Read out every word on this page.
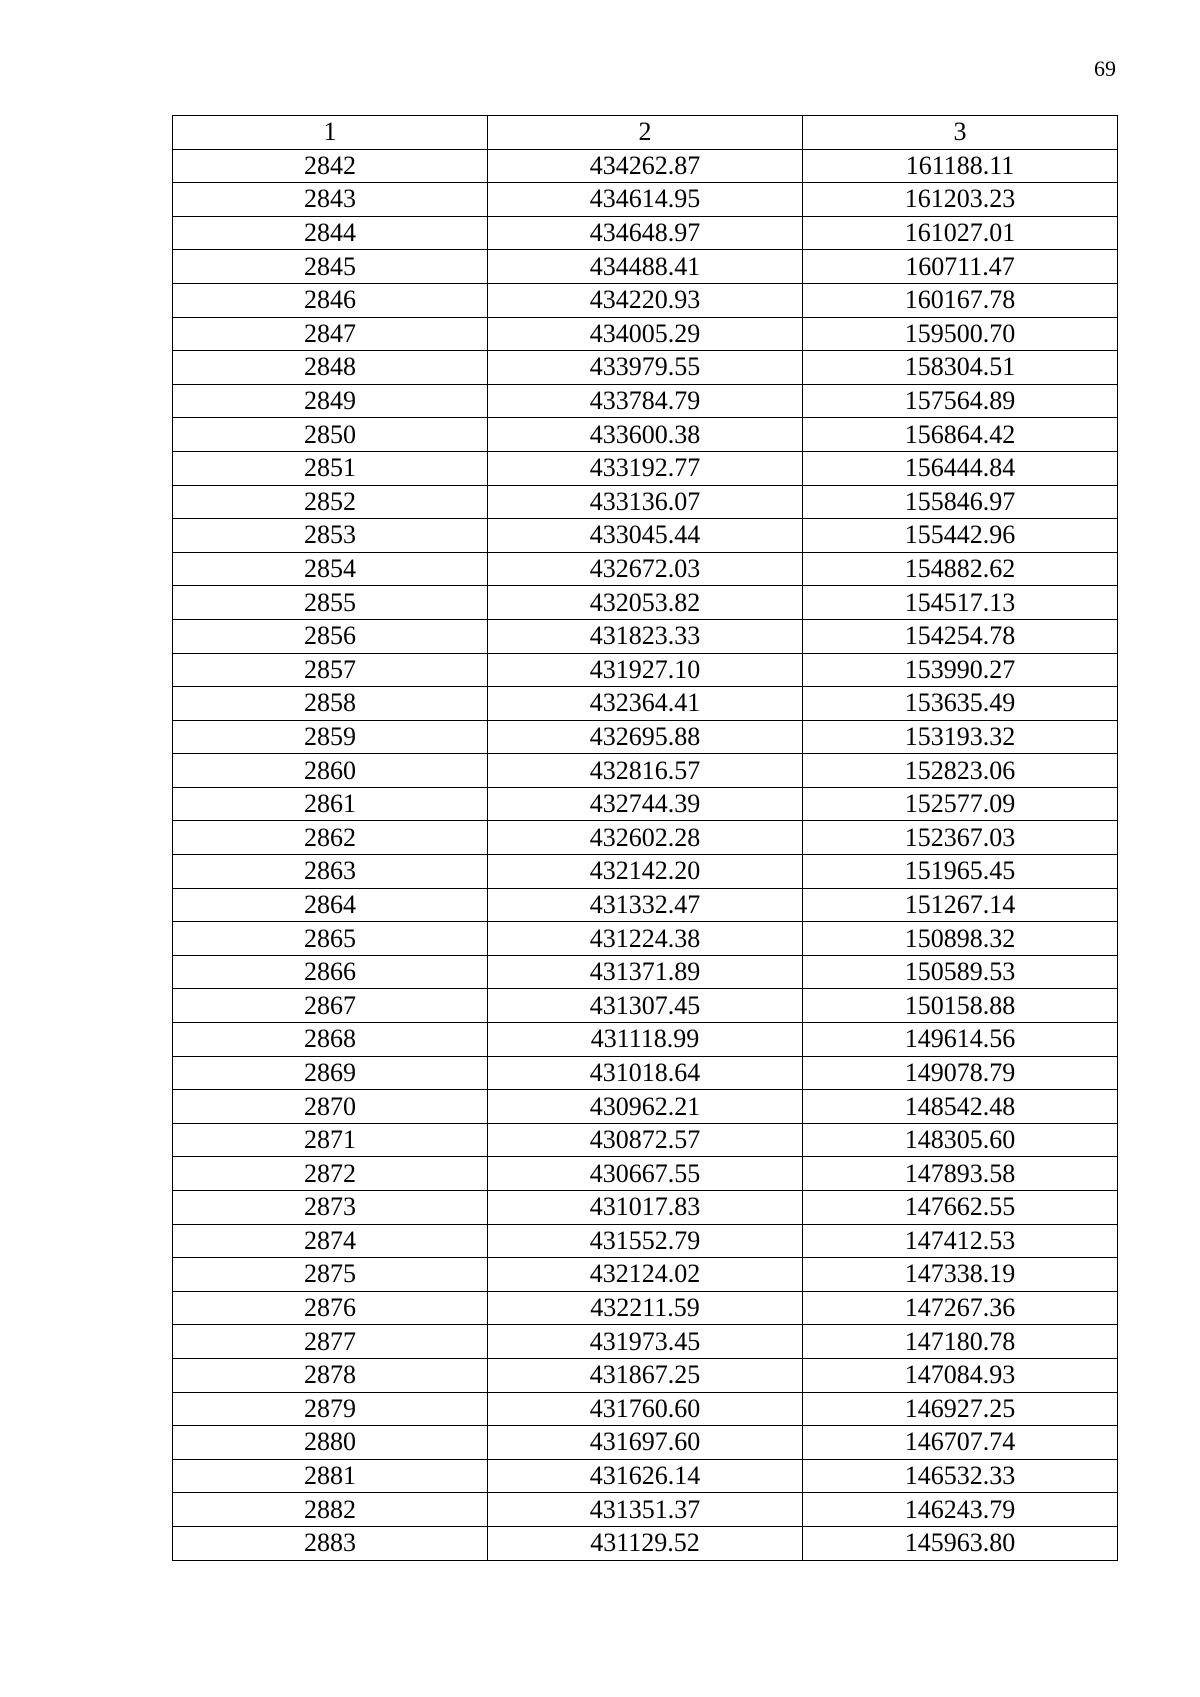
69
1	2	3
2842	434262.87	161188.11
2843	434614.95	161203.23
2844	434648.97	161027.01
2845	434488.41	160711.47
2846	434220.93	160167.78
2847	434005.29	159500.70
2848	433979.55	158304.51
2849	433784.79	157564.89
2850	433600.38	156864.42
2851	433192.77	156444.84
2852	433136.07	155846.97
2853	433045.44	155442.96
2854	432672.03	154882.62
2855	432053.82	154517.13
2856	431823.33	154254.78
2857	431927.10	153990.27
2858	432364.41	153635.49
2859	432695.88	153193.32
2860	432816.57	152823.06
2861	432744.39	152577.09
2862	432602.28	152367.03
2863	432142.20	151965.45
2864	431332.47	151267.14
2865	431224.38	150898.32
2866	431371.89	150589.53
2867	431307.45	150158.88
2868	431118.99	149614.56
2869	431018.64	149078.79
2870	430962.21	148542.48
2871	430872.57	148305.60
2872	430667.55	147893.58
2873	431017.83	147662.55
2874	431552.79	147412.53
2875	432124.02	147338.19
2876	432211.59	147267.36
2877	431973.45	147180.78
2878	431867.25	147084.93
2879	431760.60	146927.25
2880	431697.60	146707.74
2881	431626.14	146532.33
2882	431351.37	146243.79
2883	431129.52	145963.80
